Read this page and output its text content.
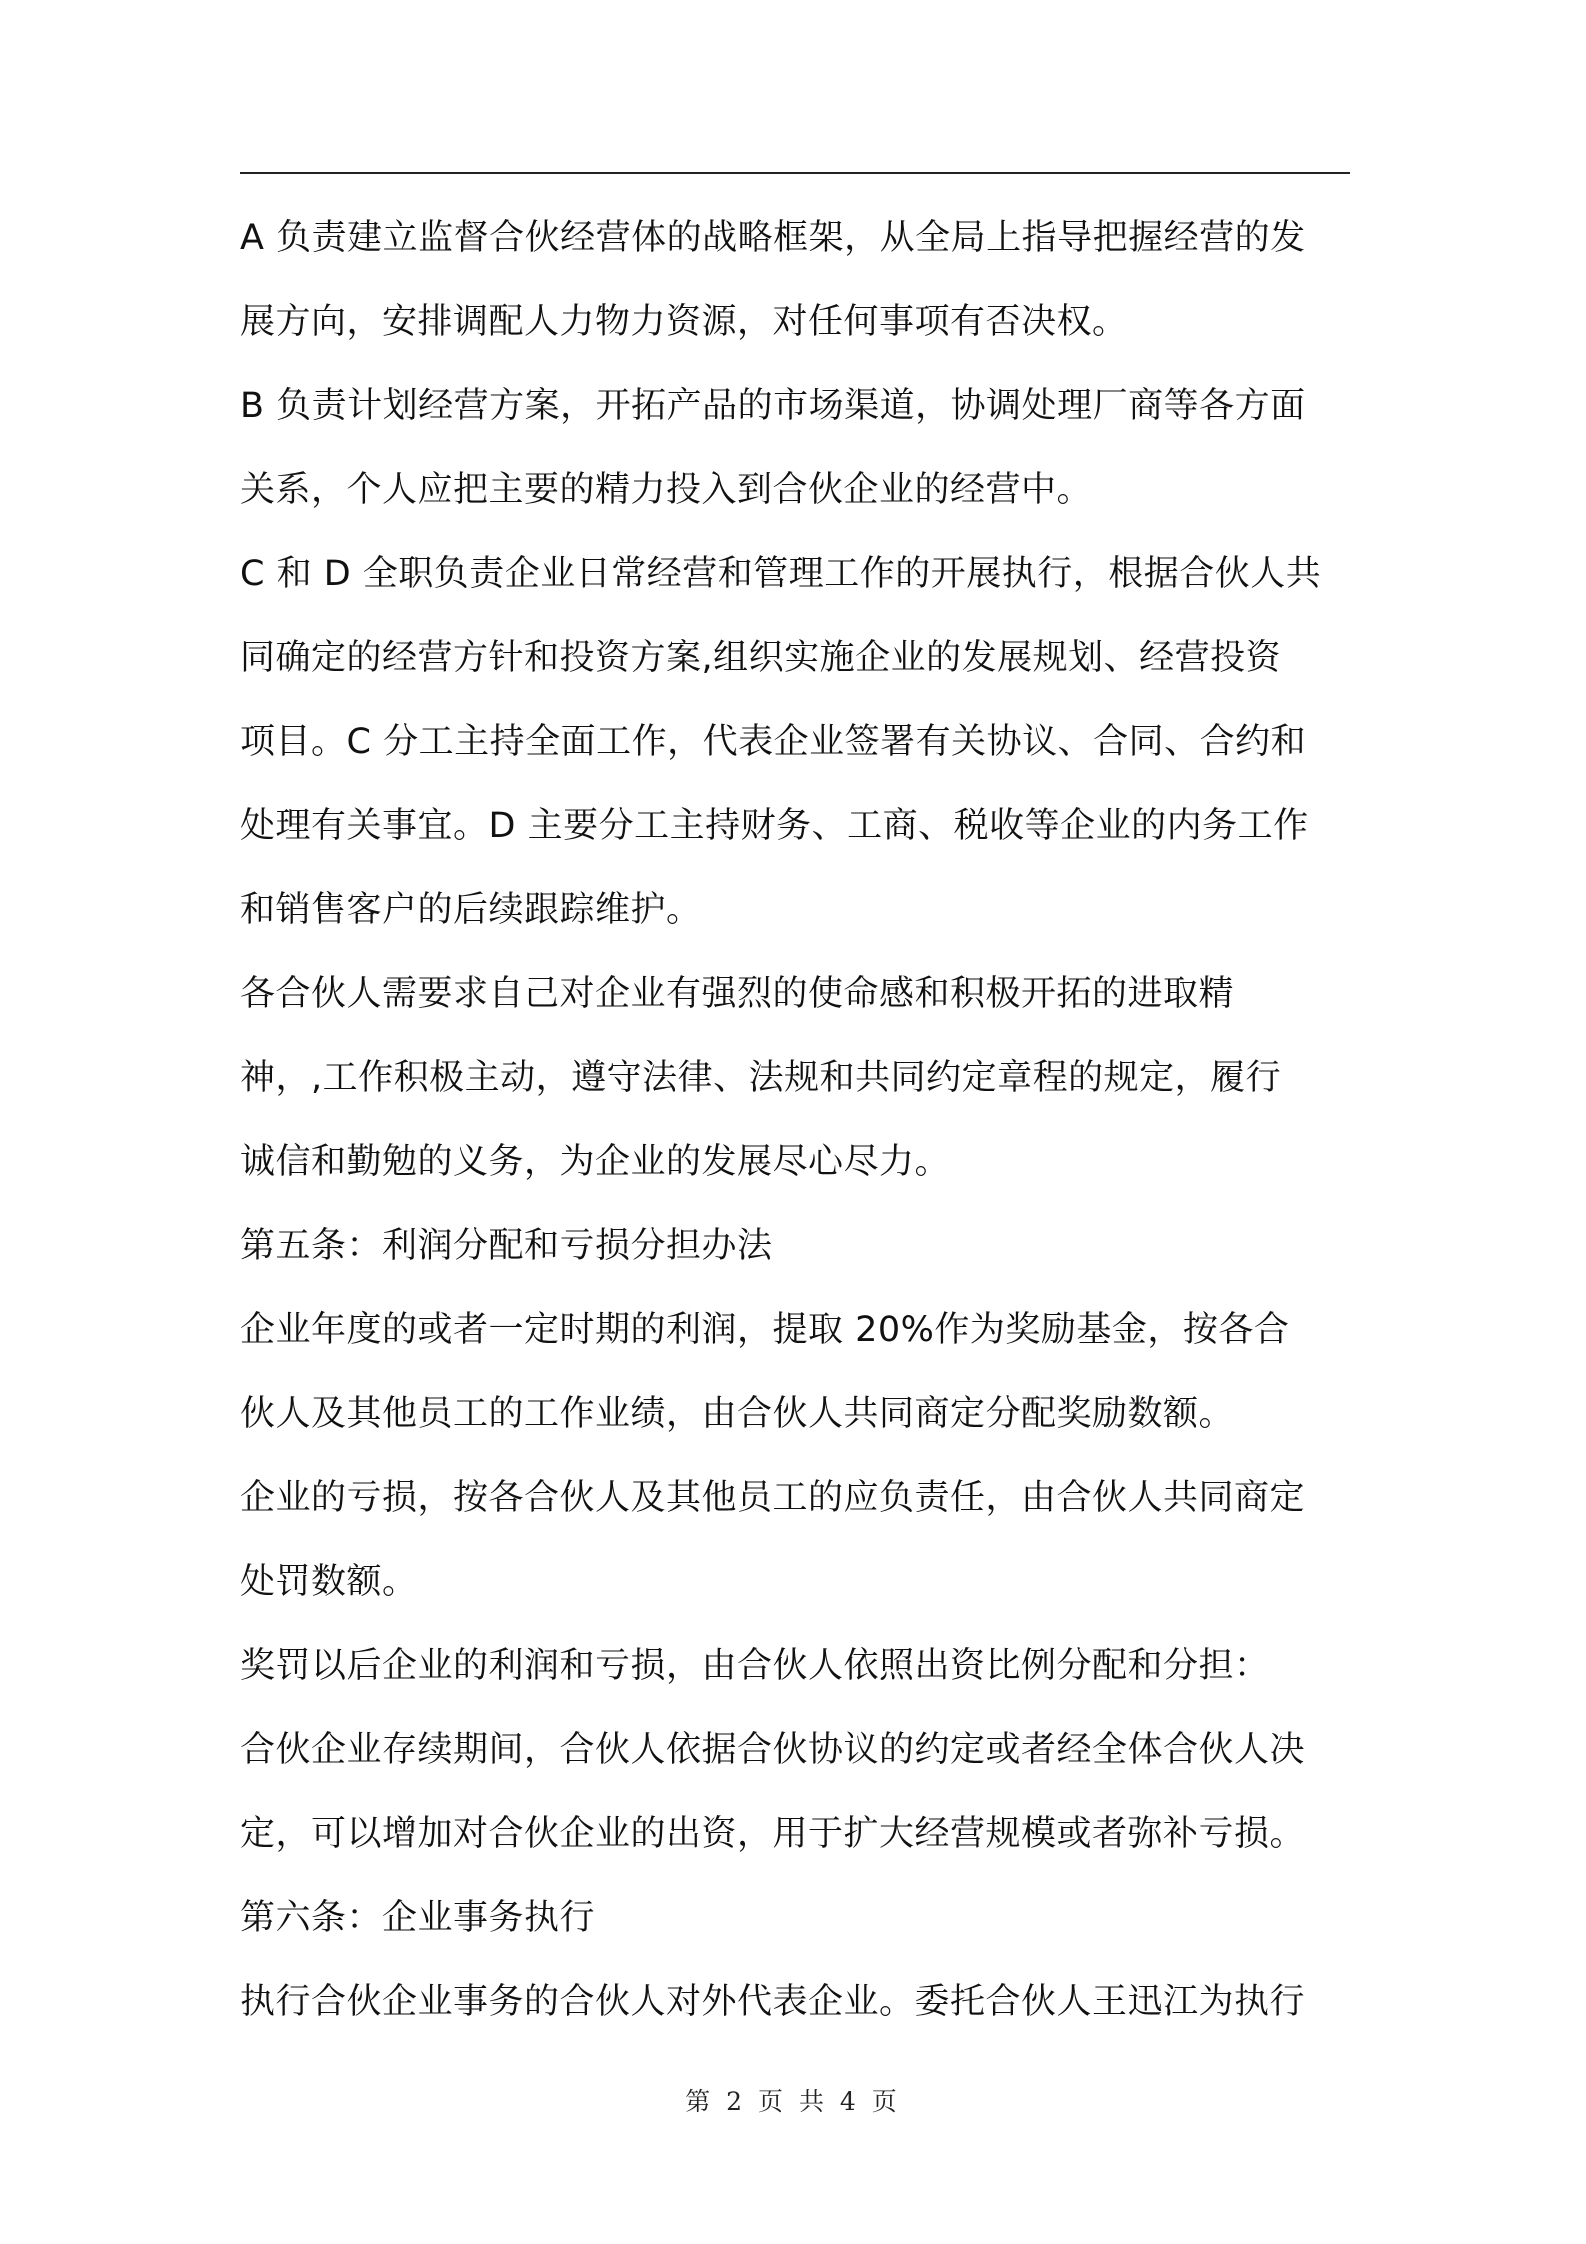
A 负责建立监督合伙经营体的战略框架，从全局上指导把握经营的发
展方向，安排调配人力物力资源，对任何事项有否决权。
B 负责计划经营方案，开拓产品的市场渠道，协调处理厂商等各方面
关系，个人应把主要的精力投入到合伙企业的经营中。
C 和 D 全职负责企业日常经营和管理工作的开展执行，根据合伙人共
同确定的经营方针和投资方案,组织实施企业的发展规划、经营投资
项目。C 分工主持全面工作，代表企业签署有关协议、合同、合约和
处理有关事宜。D 主要分工主持财务、工商、税收等企业的内务工作
和销售客户的后续跟踪维护。
各合伙人需要求自己对企业有强烈的使命感和积极开拓的进取精
神，,工作积极主动，遵守法律、法规和共同约定章程的规定，履行
诚信和勤勉的义务，为企业的发展尽心尽力。
第五条：利润分配和亏损分担办法
企业年度的或者一定时期的利润，提取 20%作为奖励基金，按各合
伙人及其他员工的工作业绩，由合伙人共同商定分配奖励数额。
企业的亏损，按各合伙人及其他员工的应负责任，由合伙人共同商定
处罚数额。
奖罚以后企业的利润和亏损，由合伙人依照出资比例分配和分担：
合伙企业存续期间，合伙人依据合伙协议的约定或者经全体合伙人决
定，可以增加对合伙企业的出资，用于扩大经营规模或者弥补亏损。
第六条：企业事务执行
执行合伙企业事务的合伙人对外代表企业。委托合伙人王迅江为执行
第 2 页 共 4 页
